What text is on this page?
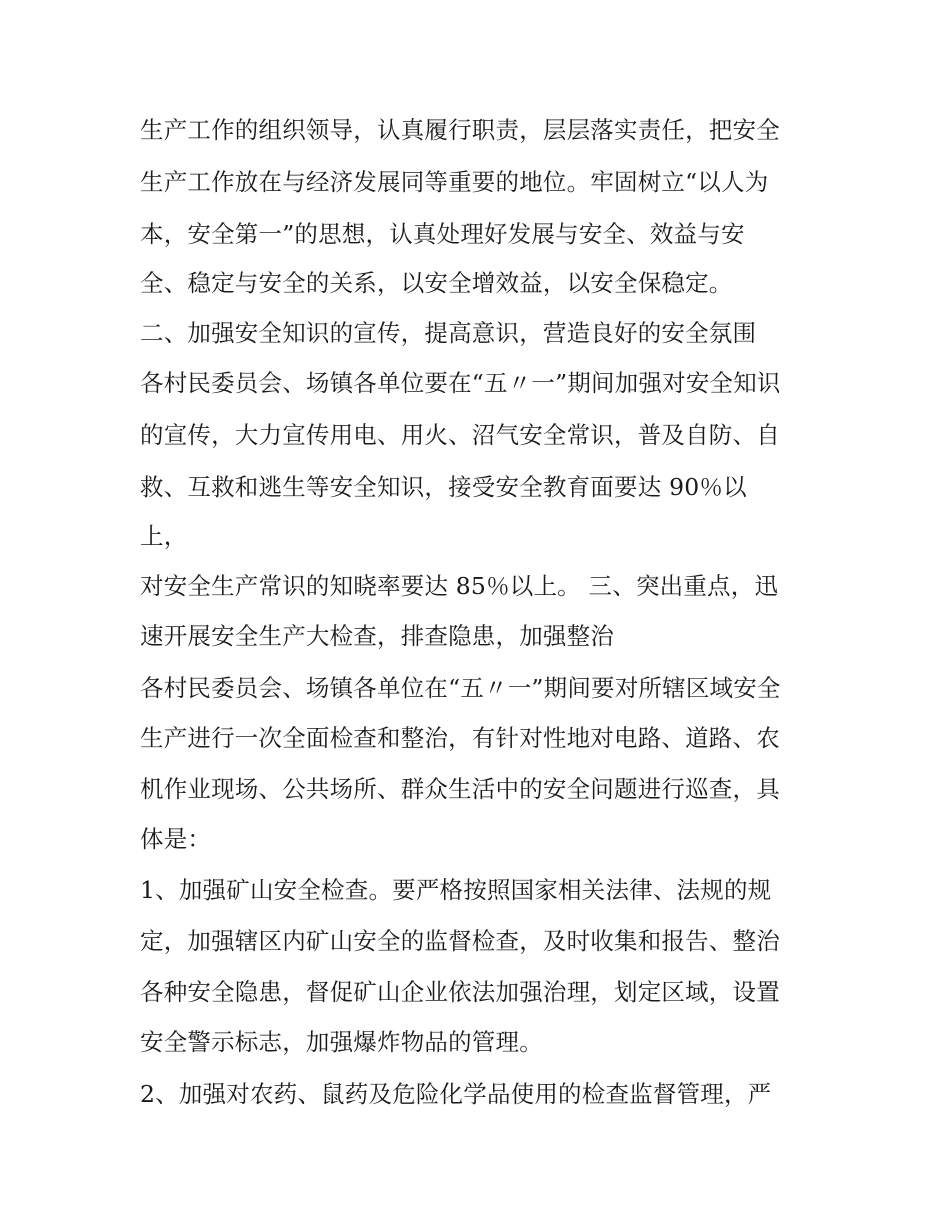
生产工作的组织领导，认真履行职责，层层落实责任，把安全

生产工作放在与经济发展同等重要的地位。牢固树立“以人为

本，安全第一”的思想，认真处理好发展与安全、效益与安

全、稳定与安全的关系，以安全增效益，以安全保稳定。

二、加强安全知识的宣传，提高意识，营造良好的安全氛围

各村民委员会、场镇各单位要在“五〃一”期间加强对安全知识

的宣传，大力宣传用电、用火、沼气安全常识，普及自防、自

救、互救和逃生等安全知识，接受安全教育面要达 90％以

上，

对安全生产常识的知晓率要达 85％以上。 三、突出重点，迅

速开展安全生产大检查，排查隐患，加强整治

各村民委员会、场镇各单位在“五〃一”期间要对所辖区域安全

生产进行一次全面检查和整治，有针对性地对电路、道路、农

机作业现场、公共场所、群众生活中的安全问题进行巡查，具

体是：

1、加强矿山安全检查。要严格按照国家相关法律、法规的规

定，加强辖区内矿山安全的监督检查，及时收集和报告、整治

各种安全隐患，督促矿山企业依法加强治理，划定区域，设置

安全警示标志，加强爆炸物品的管理。

2、加强对农药、鼠药及危险化学品使用的检查监督管理，严
